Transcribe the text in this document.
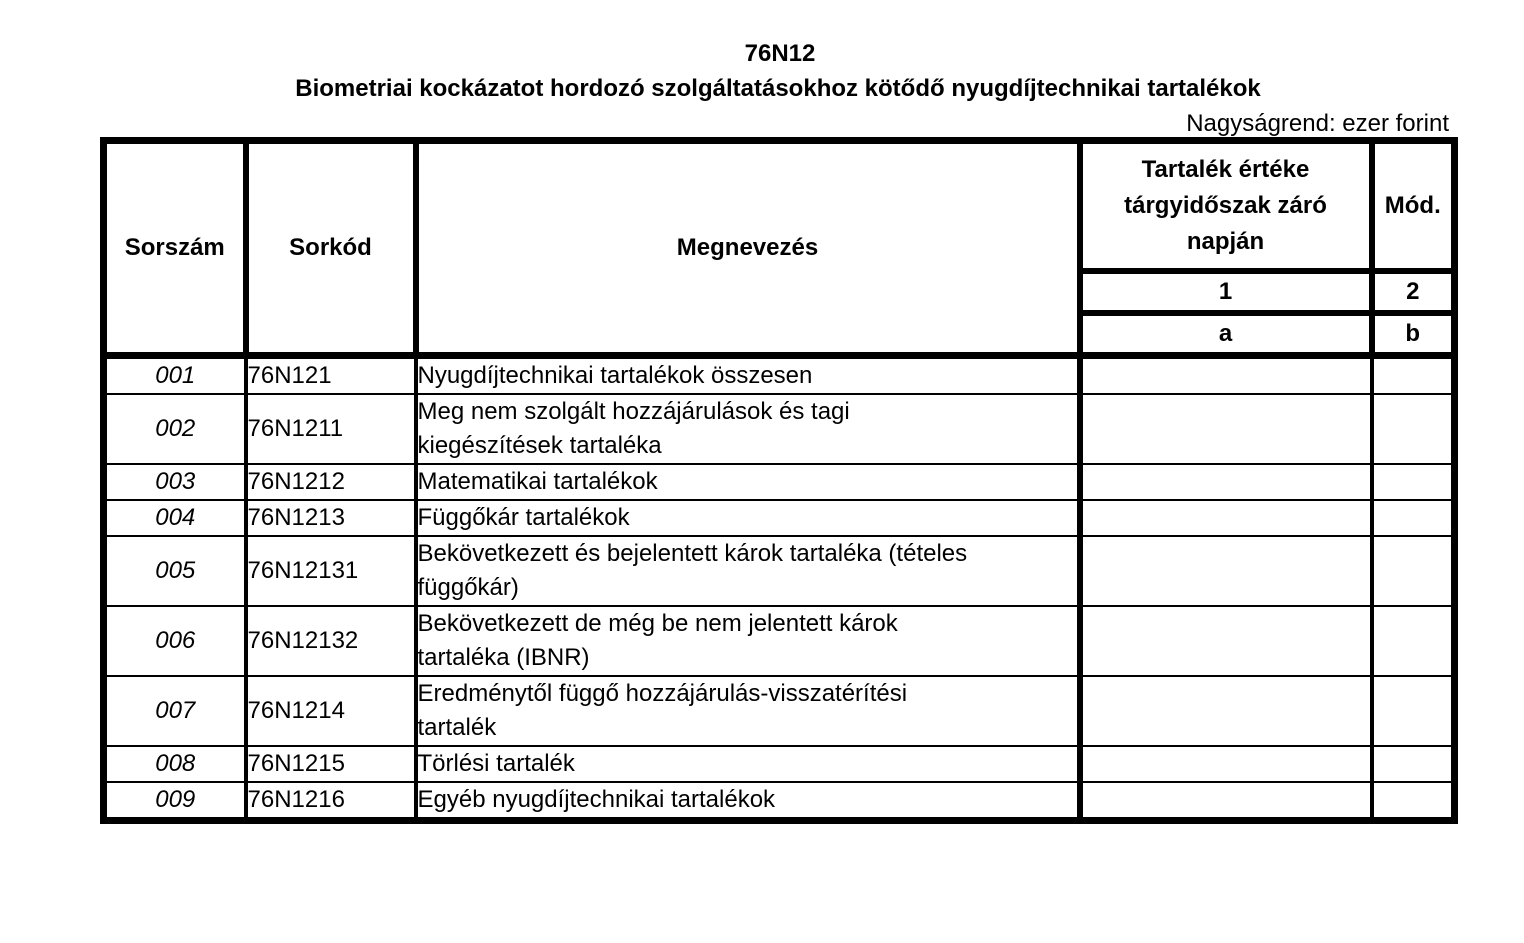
76N12
Biometriai kockázatot hordozó szolgáltatásokhoz kötődő nyugdíjtechnikai tartalékok
Nagyságrend: ezer forint
Sorszám	Sorkód	Megnevezés	Tartalék értéke
tárgyidőszak záró
napján	Mód.
			1	2
			a	b
001	76N121	Nyugdíjtechnikai tartalékok összesen		

002	76N1211	Meg nem szolgált hozzájárulások és tagi
kiegészítések tartaléka		

003	76N1212	Matematikai tartalékok		

004	76N1213	Függőkár tartalékok		

005	76N12131	Bekövetkezett és bejelentett károk tartaléka (tételes
függőkár)		

006	76N12132	Bekövetkezett de még be nem jelentett károk
tartaléka (IBNR)		

007	76N1214	Eredménytől függő hozzájárulás-visszatérítési
tartalék		

008	76N1215	Törlési tartalék		

009	76N1216	Egyéb nyugdíjtechnikai tartalékok		
